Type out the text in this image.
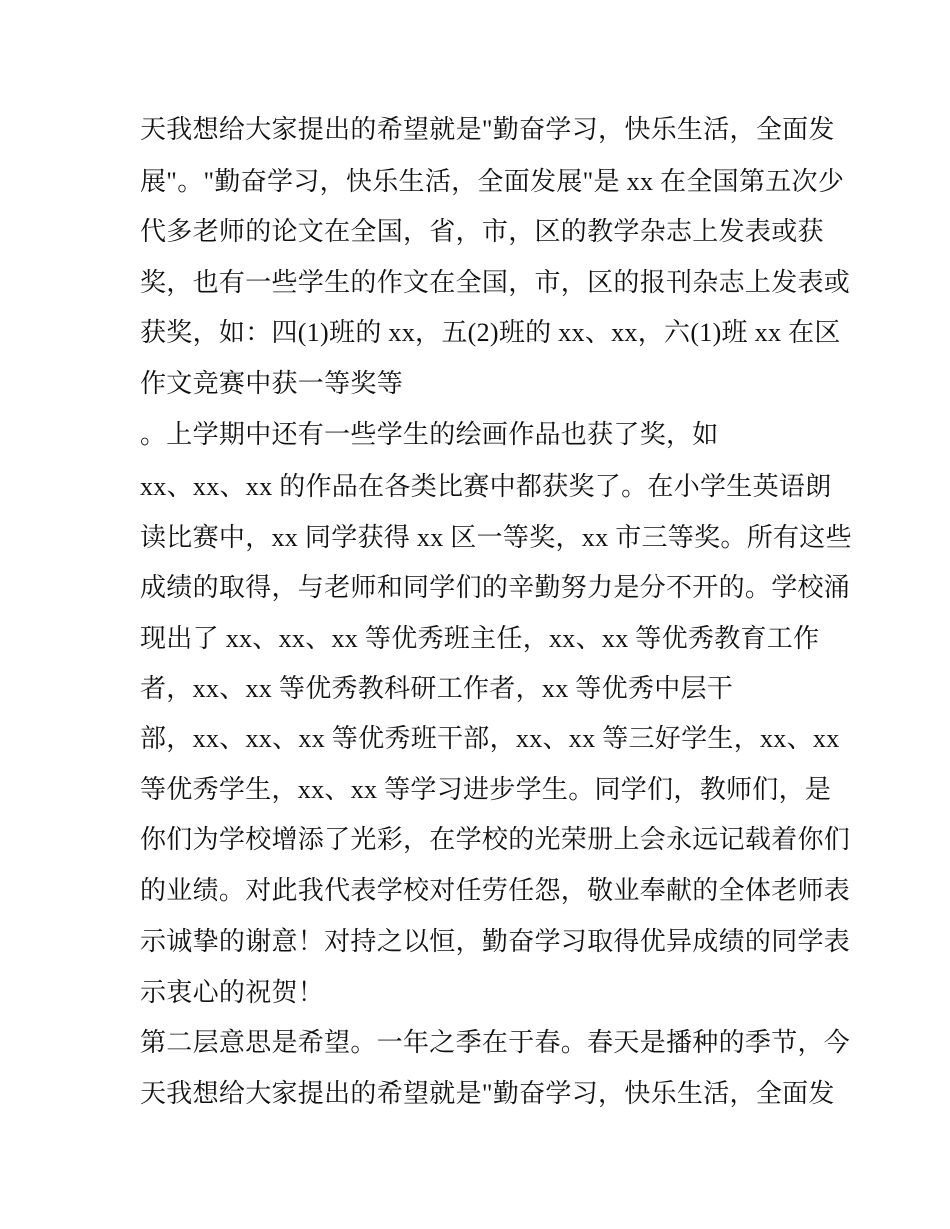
天我想给大家提出的希望就是"勤奋学习，快乐生活，全面发
展"。"勤奋学习，快乐生活，全面发展"是 xx 在全国第五次少
代多老师的论文在全国，省，市，区的教学杂志上发表或获
奖，也有一些学生的作文在全国，市，区的报刊杂志上发表或
获奖，如：四(1)班的 xx，五(2)班的 xx、xx，六(1)班 xx 在区
作文竞赛中获一等奖等
。上学期中还有一些学生的绘画作品也获了奖，如
xx、xx、xx 的作品在各类比赛中都获奖了。在小学生英语朗
读比赛中，xx 同学获得 xx 区一等奖，xx 市三等奖。所有这些
成绩的取得，与老师和同学们的辛勤努力是分不开的。学校涌
现出了 xx、xx、xx 等优秀班主任，xx、xx 等优秀教育工作
者，xx、xx 等优秀教科研工作者，xx 等优秀中层干
部，xx、xx、xx 等优秀班干部，xx、xx 等三好学生，xx、xx
等优秀学生，xx、xx 等学习进步学生。同学们，教师们，是
你们为学校增添了光彩，在学校的光荣册上会永远记载着你们
的业绩。对此我代表学校对任劳任怨，敬业奉献的全体老师表
示诚挚的谢意！对持之以恒，勤奋学习取得优异成绩的同学表
示衷心的祝贺！
第二层意思是希望。一年之季在于春。春天是播种的季节，今
天我想给大家提出的希望就是"勤奋学习，快乐生活，全面发
